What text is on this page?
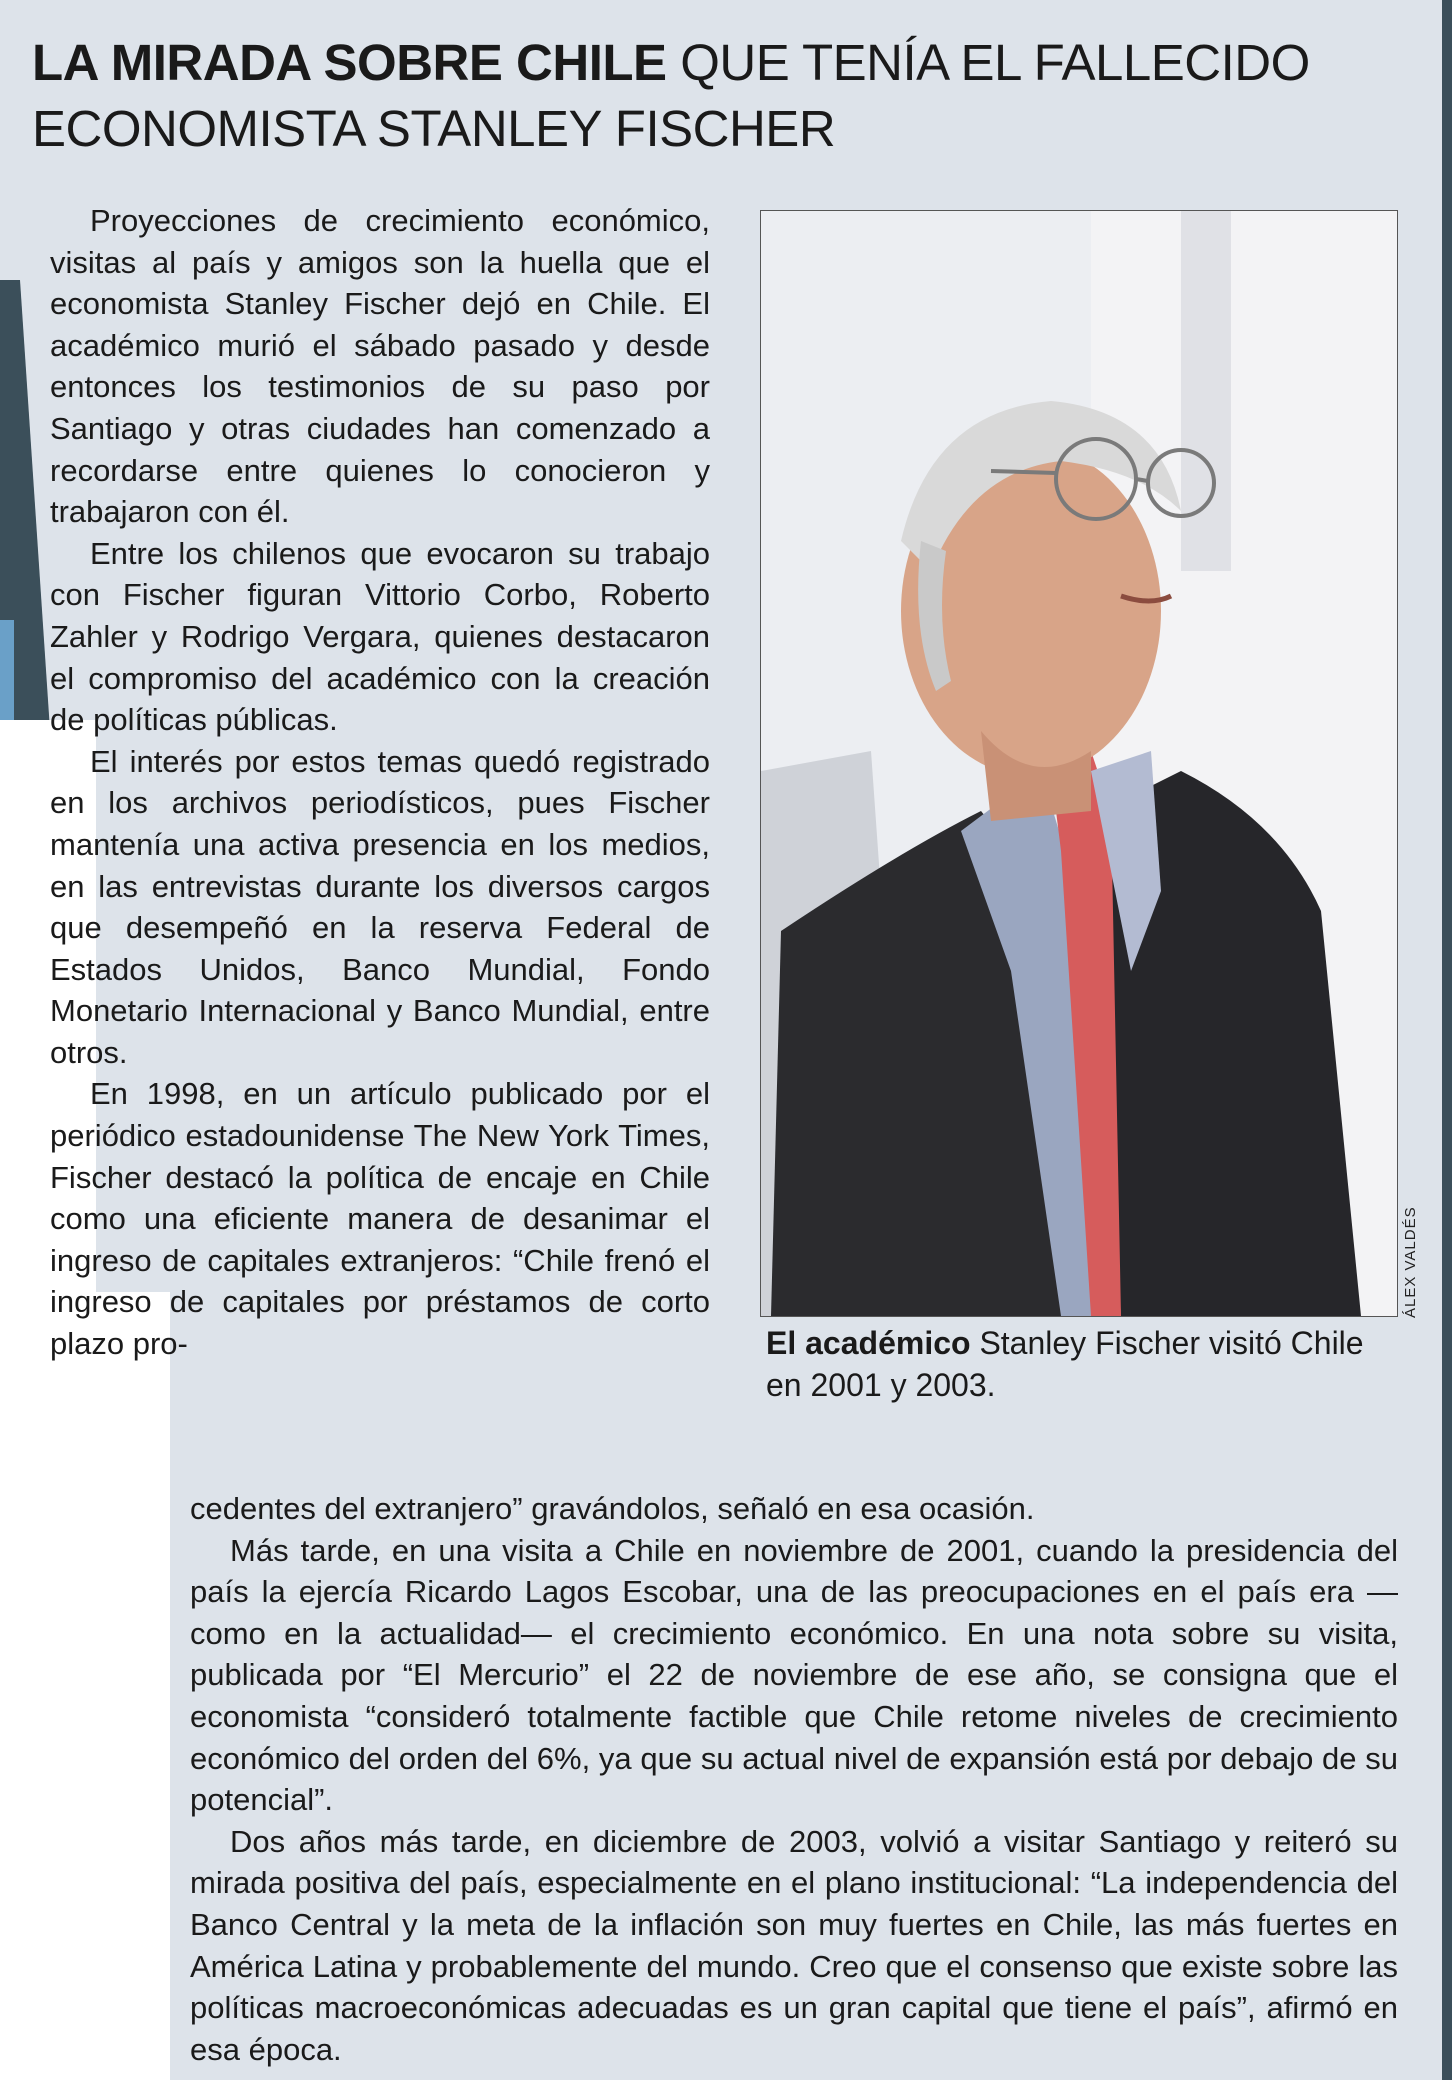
LA MIRADA SOBRE CHILE QUE TENÍA EL FALLECIDO ECONOMISTA STANLEY FISCHER

Proyecciones de crecimiento económico, visitas al país y amigos son la huella que el economista Stanley Fischer dejó en Chile. El académico murió el sábado pasado y desde entonces los testimonios de su paso por Santiago y otras ciudades han comenzado a recordarse entre quienes lo conocieron y trabajaron con él.

Entre los chilenos que evocaron su trabajo con Fischer figuran Vittorio Corbo, Roberto Zahler y Rodrigo Vergara, quienes destacaron el compromiso del académico con la creación de políticas públicas.

El interés por estos temas quedó registrado en los archivos periodísticos, pues Fischer mantenía una activa presencia en los medios, en las entrevistas durante los diversos cargos que desempeñó en la reserva Federal de Estados Unidos, Banco Mundial, Fondo Monetario Internacional y Banco Mundial, entre otros.

En 1998, en un artículo publicado por el periódico estadounidense The New York Times, Fischer destacó la política de encaje en Chile como una eficiente manera de desanimar el ingreso de capitales extranjeros: “Chile frenó el ingreso de capitales por préstamos de corto plazo pro-

ÁLEX VALDÉS
El académico Stanley Fischer visitó Chile en 2001 y 2003.

cedentes del extranjero” gravándolos, señaló en esa ocasión.

Más tarde, en una visita a Chile en noviembre de 2001, cuando la presidencia del país la ejercía Ricardo Lagos Escobar, una de las preocupaciones en el país era —como en la actualidad— el crecimiento económico. En una nota sobre su visita, publicada por “El Mercurio” el 22 de noviembre de ese año, se consigna que el economista “consideró totalmente factible que Chile retome niveles de crecimiento económico del orden del 6%, ya que su actual nivel de expansión está por debajo de su potencial”.

Dos años más tarde, en diciembre de 2003, volvió a visitar Santiago y reiteró su mirada positiva del país, especialmente en el plano institucional: “La independencia del Banco Central y la meta de la inflación son muy fuertes en Chile, las más fuertes en América Latina y probablemente del mundo. Creo que el consenso que existe sobre las políticas macroeconómicas adecuadas es un gran capital que tiene el país”, afirmó en esa época.
